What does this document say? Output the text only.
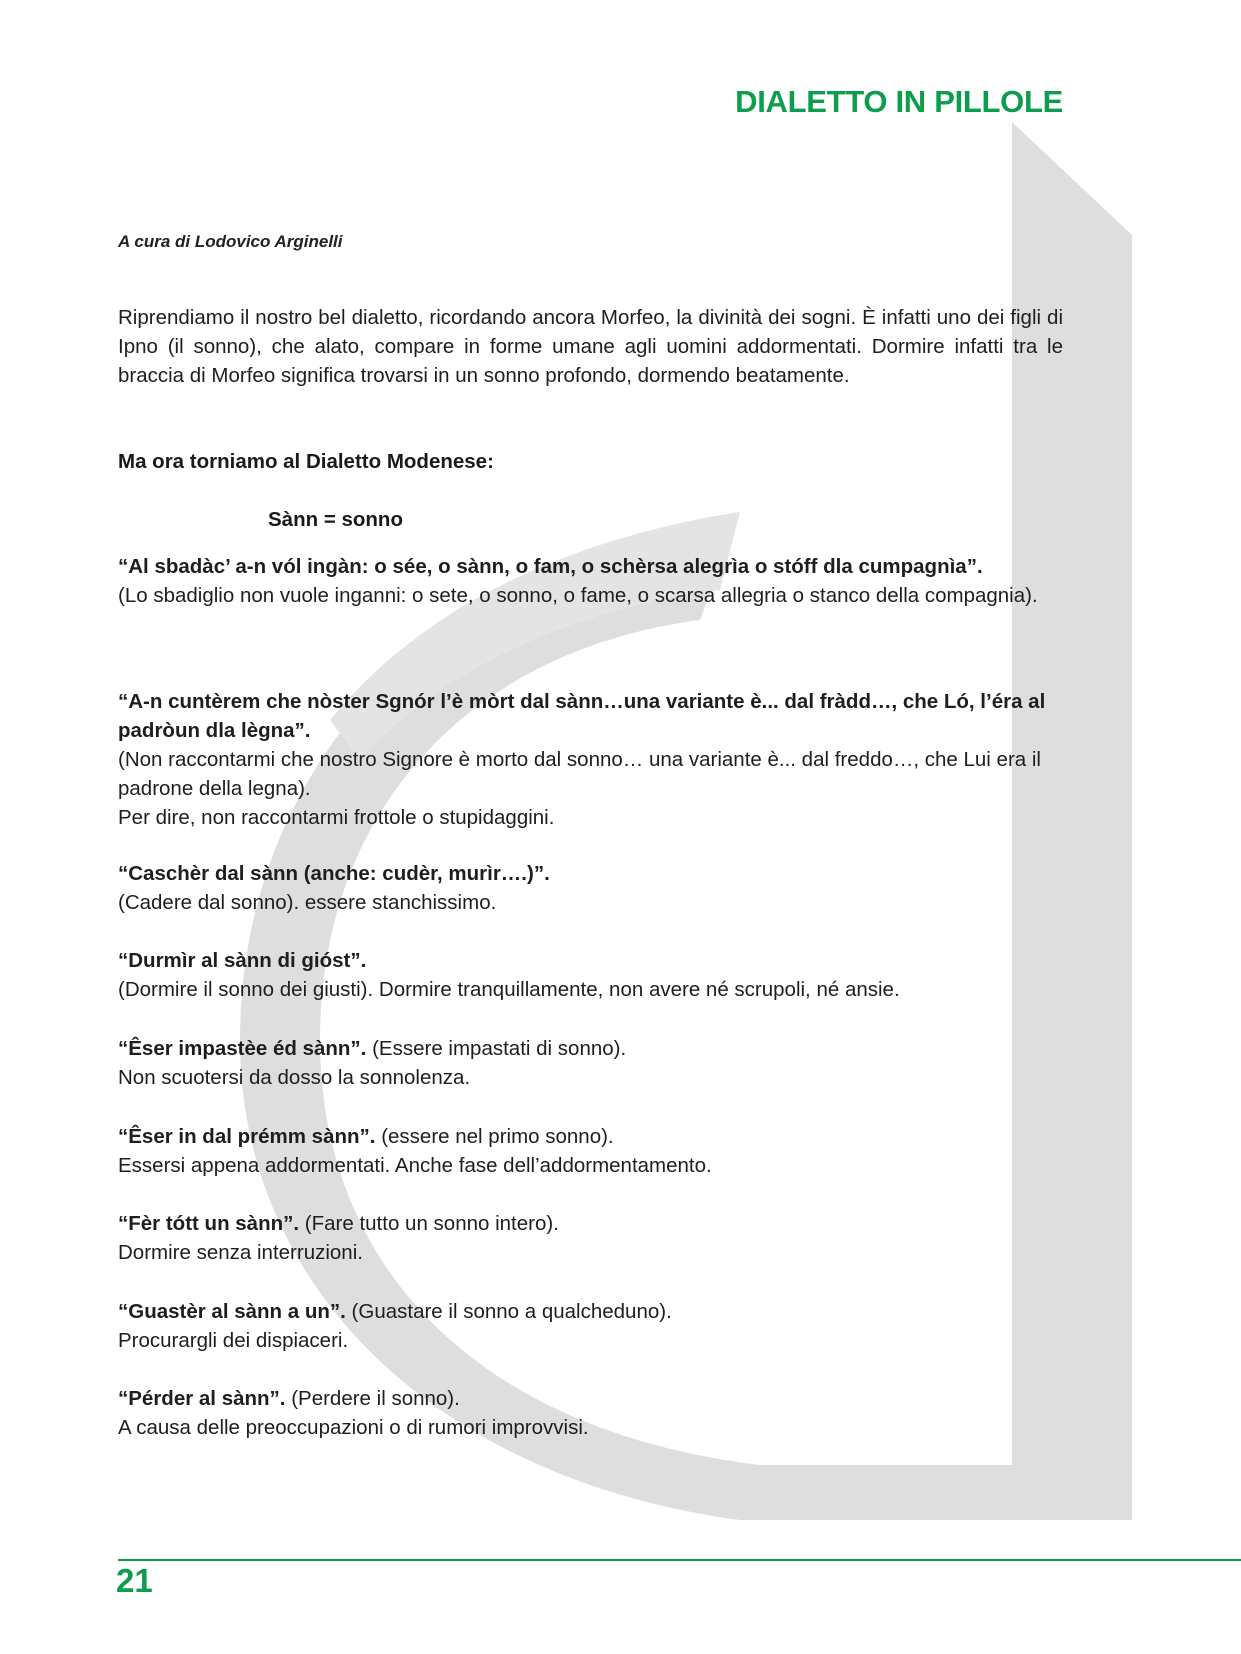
DIALETTO IN PILLOLE
A cura di Lodovico Arginelli
Riprendiamo il nostro bel dialetto, ricordando ancora Morfeo, la divinità dei sogni. È infatti uno dei figli di Ipno (il sonno), che alato, compare in forme umane agli uomini addormentati. Dormire infatti tra le braccia di Morfeo significa trovarsi in un sonno profondo, dormendo beatamente.
Ma ora torniamo al Dialetto Modenese:
Sànn = sonno
“Al sbadàc’ a-n vól ingàn: o sée, o sànn, o fam, o schèrsa alegrìa o stóff dla cumpagnìa”.
(Lo sbadiglio non vuole inganni: o sete, o sonno, o fame, o scarsa allegria o stanco della compagnia).
“A-n cuntèrem che nòster Sgnór l’è mòrt dal sànn…una variante è... dal fràdd…, che Ló, l’éra al padròun dla lègna”.
(Non raccontarmi che nostro Signore è morto dal sonno… una variante è... dal freddo…, che Lui era il padrone della legna).
Per dire, non raccontarmi frottole o stupidaggini.
“Caschèr dal sànn (anche: cudèr, murìr….)”.
(Cadere dal sonno). essere stanchissimo.
“Durmìr al sànn di gióst”.
(Dormire il sonno dei giusti). Dormire tranquillamente, non avere né scrupoli, né ansie.
“Êser impastèe éd sànn”. (Essere impastati di sonno).
Non scuotersi da dosso la sonnolenza.
“Êser in dal prémm sànn”. (essere nel primo sonno).
Essersi appena addormentati. Anche fase dell’addormentamento.
“Fèr tótt un sànn”. (Fare tutto un sonno intero).
Dormire senza interruzioni.
“Guastèr al sànn a un”. (Guastare il sonno a qualcheduno).
Procurargli dei dispiaceri.
“Pérder al sànn”. (Perdere il sonno).
A causa delle preoccupazioni o di rumori improvvisi.
21
